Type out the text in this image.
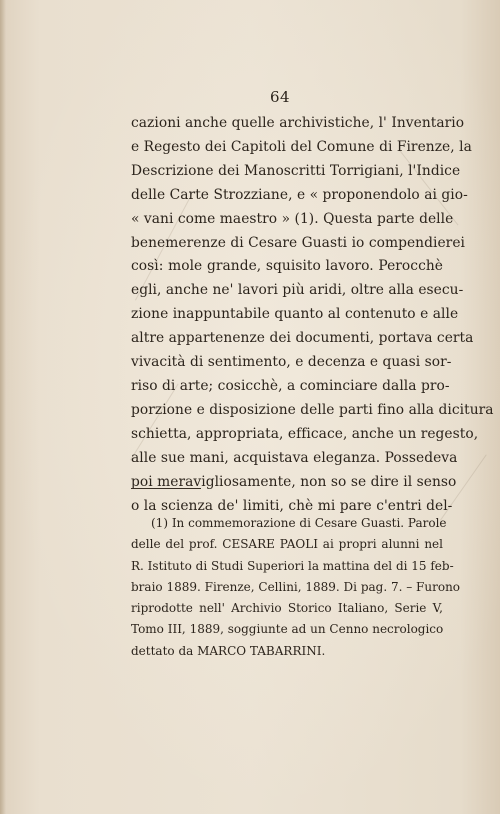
64
cazioni anche quelle archivistiche, l' Inventario
e Regesto dei Capitoli del Comune di Firenze, la
Descrizione dei Manoscritti Torrigiani, l'Indice
delle Carte Strozziane, e « proponendolo ai gio-
« vani come maestro » (1). Questa parte delle
benemerenze di Cesare Guasti io compendierei
così: mole grande, squisito lavoro. Perocchè
egli, anche ne' lavori più aridi, oltre alla esecu-
zione inappuntabile quanto al contenuto e alle
altre appartenenze dei documenti, portava certa
vivacità di sentimento, e decenza e quasi sor-
riso di arte; cosicchè, a cominciare dalla pro-
porzione e disposizione delle parti fino alla dicitura
schietta, appropriata, efficace, anche un regesto,
alle sue mani, acquistava eleganza. Possedeva
poi meravigliosamente, non so se dire il senso
o la scienza de' limiti, chè mi pare c'entri del-
(1) In commemorazione di Cesare Guasti. Parole
delle del prof. CESARE PAOLI ai propri alunni nel
R. Istituto di Studi Superiori la mattina del di 15 feb-
braio 1889. Firenze, Cellini, 1889. Di pag. 7. – Furono
riprodotte nell' Archivio Storico Italiano, Serie V,
Tomo III, 1889, soggiunte ad un Cenno necrologico
dettato da MARCO TABARRINI.
